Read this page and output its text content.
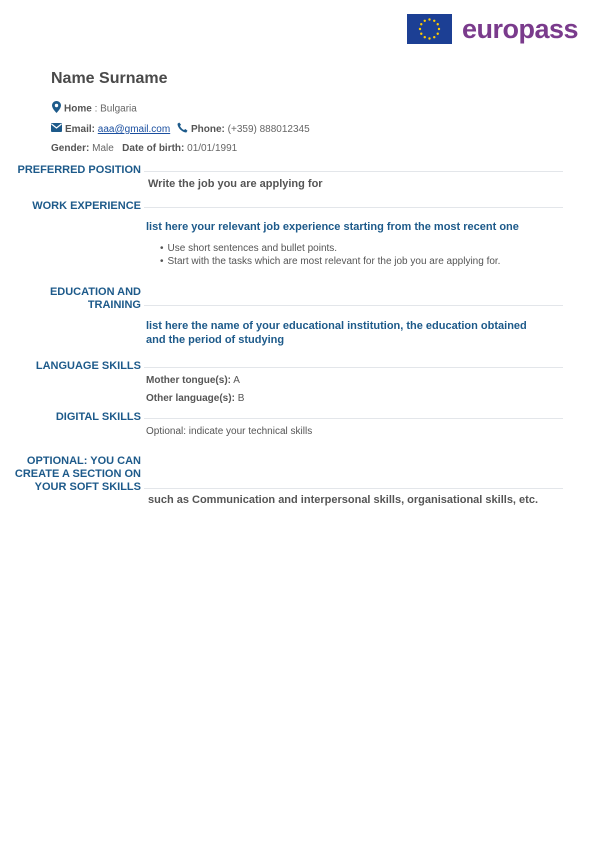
europass
Name Surname
Home : Bulgaria
Email: aaa@gmail.com Phone: (+359) 888012345
Gender: Male Date of birth: 01/01/1991
PREFERRED POSITION
Write the job you are applying for
WORK EXPERIENCE
list here your relevant job experience starting from the most recent one
• Use short sentences and bullet points.
• Start with the tasks which are most relevant for the job you are applying for.
EDUCATION AND
TRAINING
list here the name of your educational institution, the education obtained
and the period of studying
LANGUAGE SKILLS
Mother tongue(s): A
Other language(s): B
DIGITAL SKILLS
Optional: indicate your technical skills
OPTIONAL: YOU CAN
CREATE A SECTION ON
YOUR SOFT SKILLS
such as Communication and interpersonal skills, organisational skills, etc.
